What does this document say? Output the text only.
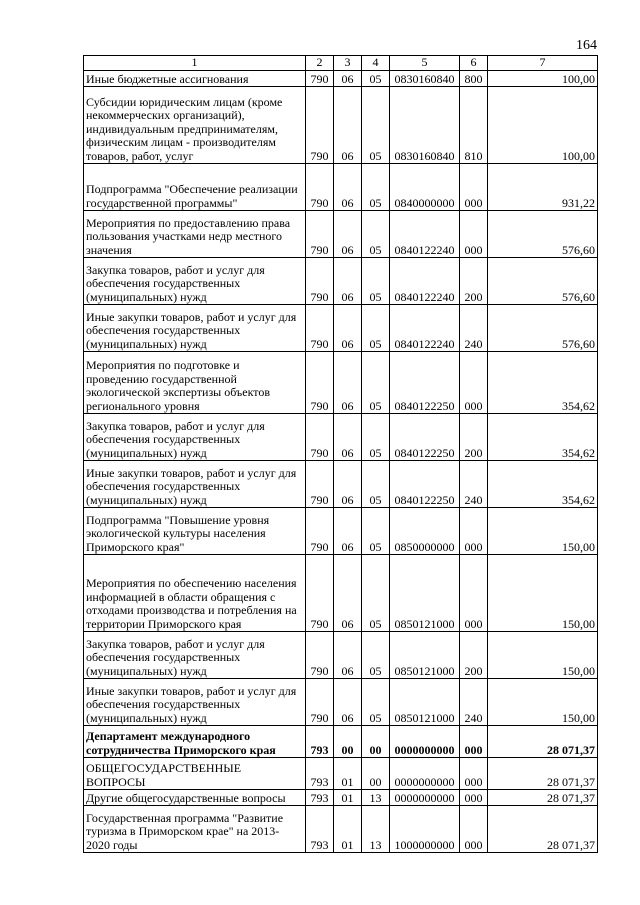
164
1	2	3	4	5	6	7
Иные бюджетные ассигнования	790	06	05	0830160840	800	100,00
Субсидии юридическим лицам (кроме некоммерческих организаций), индивидуальным предпринимателям, физическим лицам - производителям товаров, работ, услуг	790	06	05	0830160840	810	100,00
Подпрограмма "Обеспечение реализации государственной программы"	790	06	05	0840000000	000	931,22
Мероприятия по предоставлению права пользования участками недр местного значения	790	06	05	0840122240	000	576,60
Закупка товаров, работ и услуг для обеспечения государственных (муниципальных) нужд	790	06	05	0840122240	200	576,60
Иные закупки товаров, работ и услуг для обеспечения государственных (муниципальных) нужд	790	06	05	0840122240	240	576,60
Мероприятия по подготовке и проведению государственной экологической экспертизы объектов регионального уровня	790	06	05	0840122250	000	354,62
Закупка товаров, работ и услуг для обеспечения государственных (муниципальных) нужд	790	06	05	0840122250	200	354,62
Иные закупки товаров, работ и услуг для обеспечения государственных (муниципальных) нужд	790	06	05	0840122250	240	354,62
Подпрограмма "Повышение уровня экологической культуры населения Приморского края"	790	06	05	0850000000	000	150,00
Мероприятия по обеспечению населения информацией в области обращения с отходами производства и потребления на территории Приморского края	790	06	05	0850121000	000	150,00
Закупка товаров, работ и услуг для обеспечения государственных (муниципальных) нужд	790	06	05	0850121000	200	150,00
Иные закупки товаров, работ и услуг для обеспечения государственных (муниципальных) нужд	790	06	05	0850121000	240	150,00
Департамент международного сотрудничества Приморского края	793	00	00	0000000000	000	28 071,37
ОБЩЕГОСУДАРСТВЕННЫЕ ВОПРОСЫ	793	01	00	0000000000	000	28 071,37
Другие общегосударственные вопросы	793	01	13	0000000000	000	28 071,37
Государственная программа "Развитие туризма в Приморском крае" на 2013-2020 годы	793	01	13	1000000000	000	28 071,37
